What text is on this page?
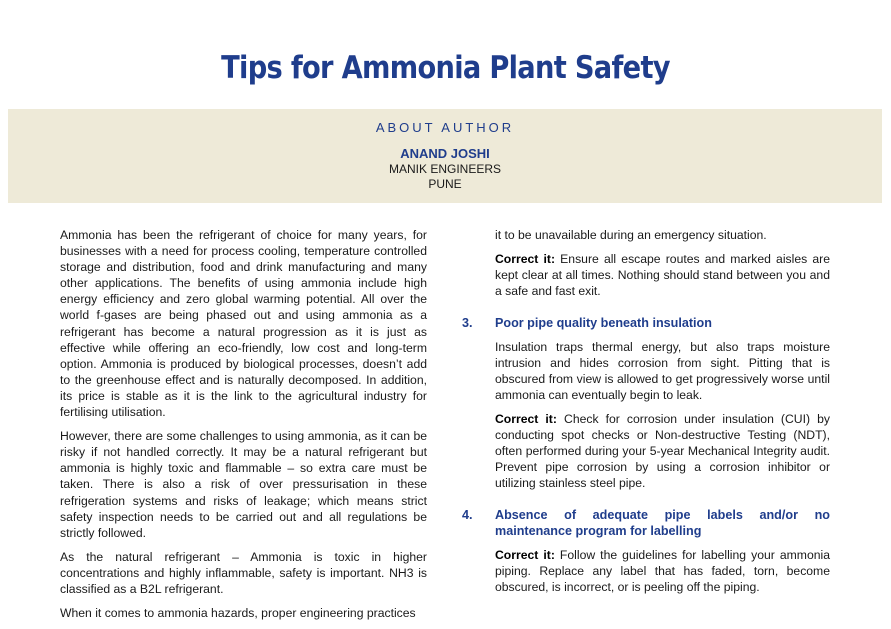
Tips for Ammonia Plant Safety
ABOUT AUTHOR
ANAND JOSHI
MANIK ENGINEERS
PUNE

Ammonia has been the refrigerant of choice for many years, for businesses with a need for process cooling, temperature controlled storage and distribution, food and drink manufacturing and many other applications. The benefits of using ammonia include high energy efficiency and zero global warming potential. All over the world f-gases are being phased out and using ammonia as a refrigerant has become a natural progression as it is just as effective while offering an eco-friendly, low cost and long-term option. Ammonia is produced by biological processes, doesn’t add to the greenhouse effect and is naturally decomposed. In addition, its price is stable as it is the link to the agricultural industry for fertilising utilisation.

However, there are some challenges to using ammonia, as it can be risky if not handled correctly. It may be a natural refrigerant but ammonia is highly toxic and flammable – so extra care must be taken. There is also a risk of over pressurisation in these refrigeration systems and risks of leakage; which means strict safety inspection needs to be carried out and all regulations be strictly followed.

As the natural refrigerant – Ammonia is toxic in higher concentrations and highly inflammable, safety is important. NH3 is classified as a B2L refrigerant.

When it comes to ammonia hazards, proper engineering practices

it to be unavailable during an emergency situation.

Correct it: Ensure all escape routes and marked aisles are kept clear at all times. Nothing should stand between you and a safe and fast exit.

3. Poor pipe quality beneath insulation

Insulation traps thermal energy, but also traps moisture intrusion and hides corrosion from sight. Pitting that is obscured from view is allowed to get progressively worse until ammonia can eventually begin to leak.

Correct it: Check for corrosion under insulation (CUI) by conducting spot checks or Non-destructive Testing (NDT), often performed during your 5-year Mechanical Integrity audit. Prevent pipe corrosion by using a corrosion inhibitor or utilizing stainless steel pipe.

4. Absence of adequate pipe labels and/or no maintenance program for labelling

Correct it: Follow the guidelines for labelling your ammonia piping. Replace any label that has faded, torn, become obscured, is incorrect, or is peeling off the piping.
